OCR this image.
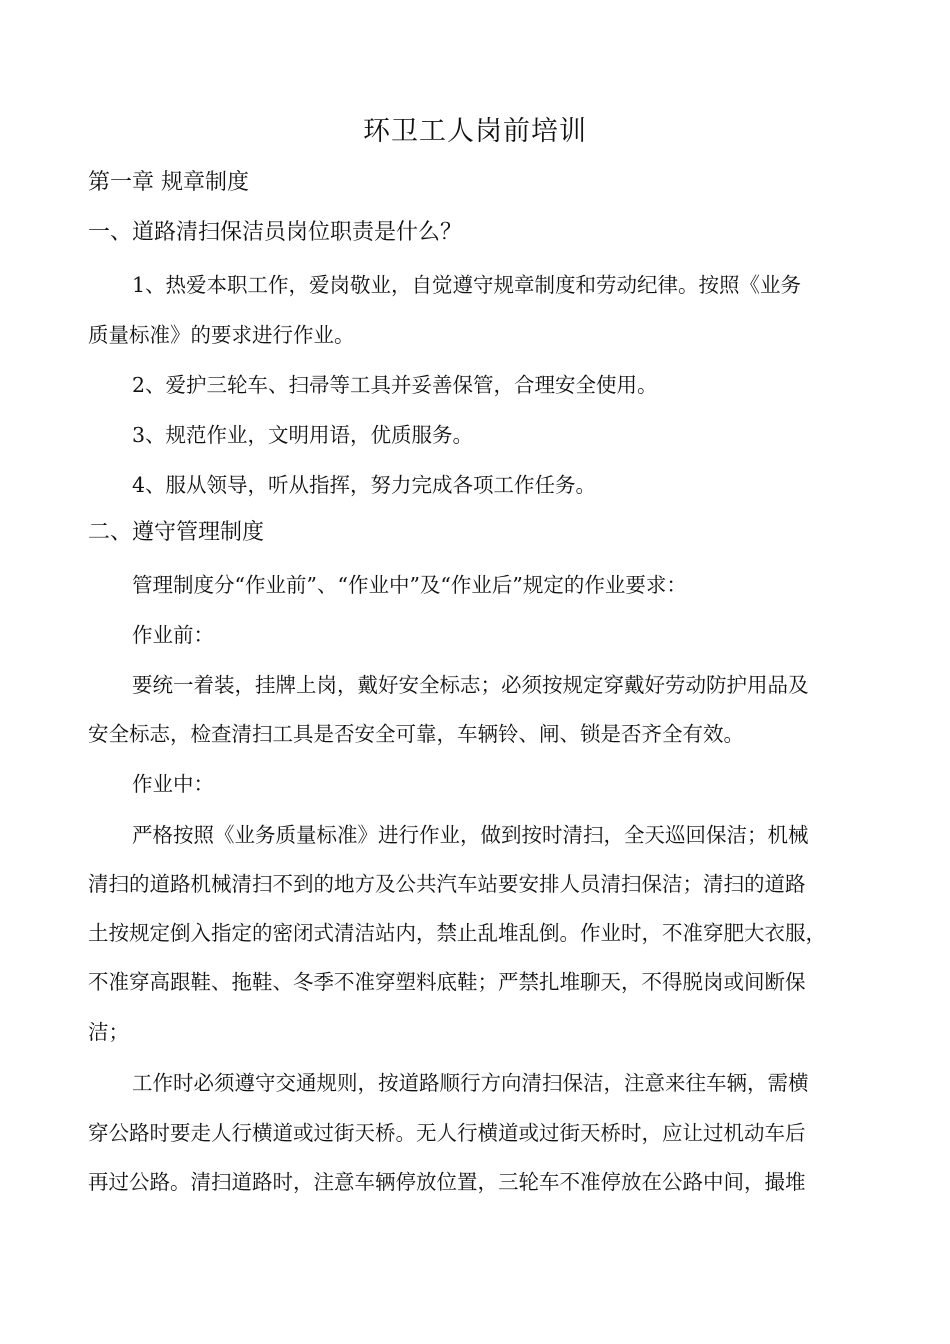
环卫工人岗前培训
第一章 规章制度
一、道路清扫保洁员岗位职责是什么？
1、热爱本职工作，爱岗敬业，自觉遵守规章制度和劳动纪律。按照《业务
质量标准》的要求进行作业。
2、爱护三轮车、扫帚等工具并妥善保管，合理安全使用。
3、规范作业，文明用语，优质服务。
4、服从领导，听从指挥，努力完成各项工作任务。
二、遵守管理制度
管理制度分“作业前”、“作业中”及“作业后”规定的作业要求：
作业前：
要统一着装，挂牌上岗，戴好安全标志；必须按规定穿戴好劳动防护用品及
安全标志，检查清扫工具是否安全可靠，车辆铃、闸、锁是否齐全有效。
作业中：
严格按照《业务质量标准》进行作业，做到按时清扫，全天巡回保洁；机械
清扫的道路机械清扫不到的地方及公共汽车站要安排人员清扫保洁；清扫的道路
土按规定倒入指定的密闭式清洁站内，禁止乱堆乱倒。作业时，不准穿肥大衣服，
不准穿高跟鞋、拖鞋、冬季不准穿塑料底鞋；严禁扎堆聊天，不得脱岗或间断保
洁；
工作时必须遵守交通规则，按道路顺行方向清扫保洁，注意来往车辆，需横
穿公路时要走人行横道或过街天桥。无人行横道或过街天桥时，应让过机动车后
再过公路。清扫道路时，注意车辆停放位置，三轮车不准停放在公路中间，撮堆
